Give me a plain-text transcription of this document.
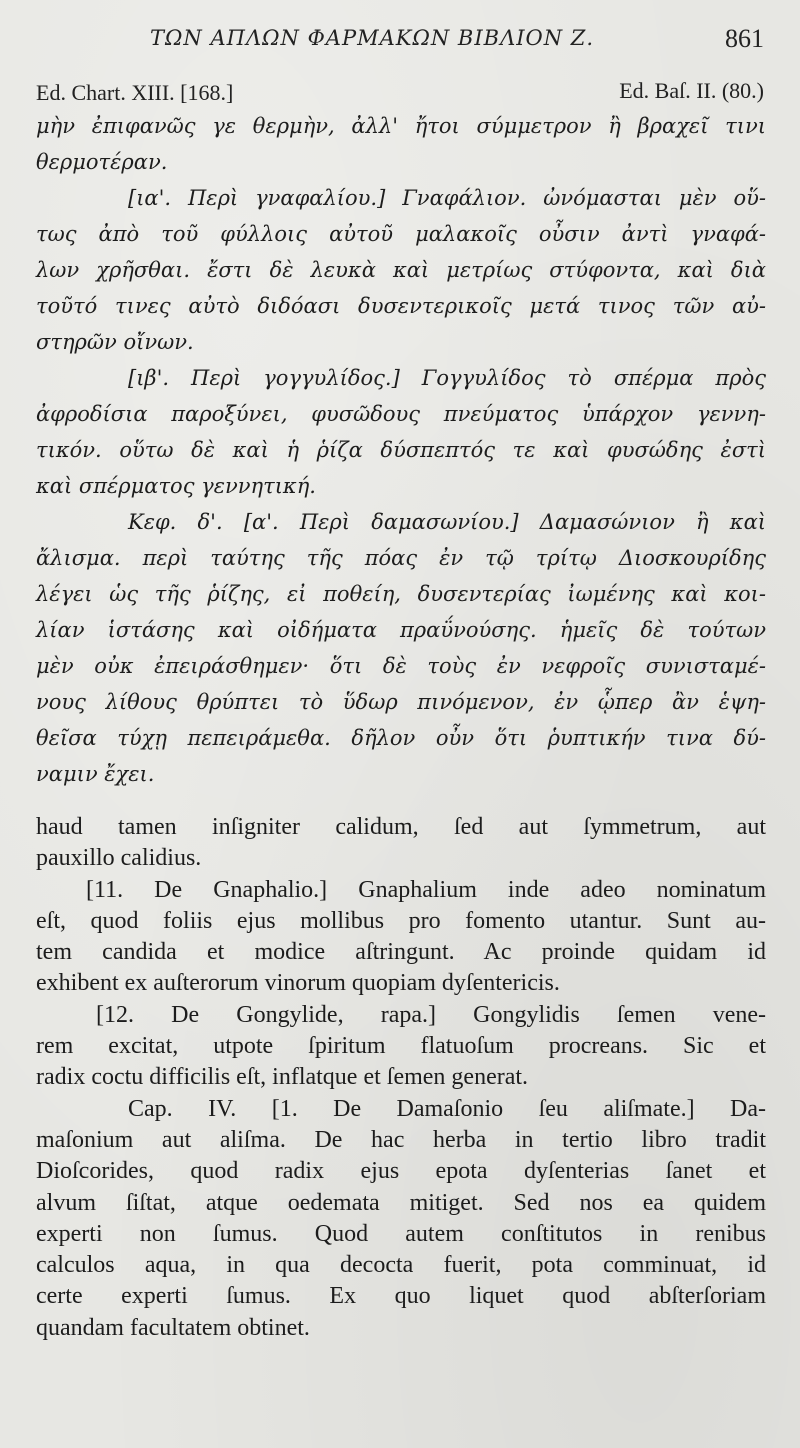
ΤΩΝ ΑΠΛΩΝ ΦΑΡΜΑΚΩΝ ΒΙΒΛΙΟΝ Ζ.	861
Ed. Chart. XIII. [168.]	Ed. Baſ. II. (80.)
μὴν ἐπιφανῶς γε θερμὴν, ἀλλ' ἤτοι σύμμετρον ἢ βραχεῖ τινι
θερμοτέραν.
[ια'. Περὶ γναφαλίου.] Γναφάλιον. ὠνόμασται μὲν οὕ-
τως ἀπὸ τοῦ φύλλοις αὐτοῦ μαλακοῖς οὖσιν ἀντὶ γναφά-
λων χρῆσθαι. ἔστι δὲ λευκὰ καὶ μετρίως στύφοντα, καὶ διὰ
τοῦτό τινες αὐτὸ διδόασι δυσεντερικοῖς μετά τινος τῶν αὐ-
στηρῶν οἴνων.
[ιβ'. Περὶ γογγυλίδος.] Γογγυλίδος τὸ σπέρμα πρὸς
ἀφροδίσια παροξύνει, φυσῶδους πνεύματος ὑπάρχον γεννη-
τικόν. οὕτω δὲ καὶ ἡ ῥίζα δύσπεπτός τε καὶ φυσώδης ἐστὶ
καὶ σπέρματος γεννητική.
Κεφ. δ'. [α'. Περὶ δαμασωνίου.] Δαμασώνιον ἢ καὶ
ἄλισμα. περὶ ταύτης τῆς πόας ἐν τῷ τρίτῳ Διοσκουρίδης
λέγει ὡς τῆς ῥίζης, εἰ ποθείη, δυσεντερίας ἰωμένης καὶ κοι-
λίαν ἱστάσης καὶ οἰδήματα πραΰνούσης. ἡμεῖς δὲ τούτων
μὲν οὐκ ἐπειράσθημεν· ὅτι δὲ τοὺς ἐν νεφροῖς συνισταμέ-
νους λίθους θρύπτει τὸ ὕδωρ πινόμενον, ἐν ᾧπερ ἂν ἑψη-
θεῖσα τύχῃ πεπειράμεθα. δῆλον οὖν ὅτι ῥυπτικήν τινα δύ-
ναμιν ἔχει.
haud tamen inſigniter calidum, ſed aut ſymmetrum, aut
pauxillo calidius.
[11. De Gnaphalio.] Gnaphalium inde adeo nominatum
eſt, quod foliis ejus mollibus pro fomento utantur. Sunt au-
tem candida et modice aſtringunt. Ac proinde quidam id
exhibent ex auſterorum vinorum quopiam dyſentericis.
[12. De Gongylide, rapa.] Gongylidis ſemen vene-
rem excitat, utpote ſpiritum flatuoſum procreans. Sic et
radix coctu difficilis eſt, inflatque et ſemen generat.
Cap. IV. [1. De Damaſonio ſeu aliſmate.] Da-
maſonium aut aliſma. De hac herba in tertio libro tradit
Dioſcorides, quod radix ejus epota dyſenterias ſanet et
alvum ſiſtat, atque oedemata mitiget. Sed nos ea quidem
experti non ſumus. Quod autem conſtitutos in renibus
calculos aqua, in qua decocta fuerit, pota comminuat, id
certe experti ſumus. Ex quo liquet quod abſterſoriam
quandam facultatem obtinet.
